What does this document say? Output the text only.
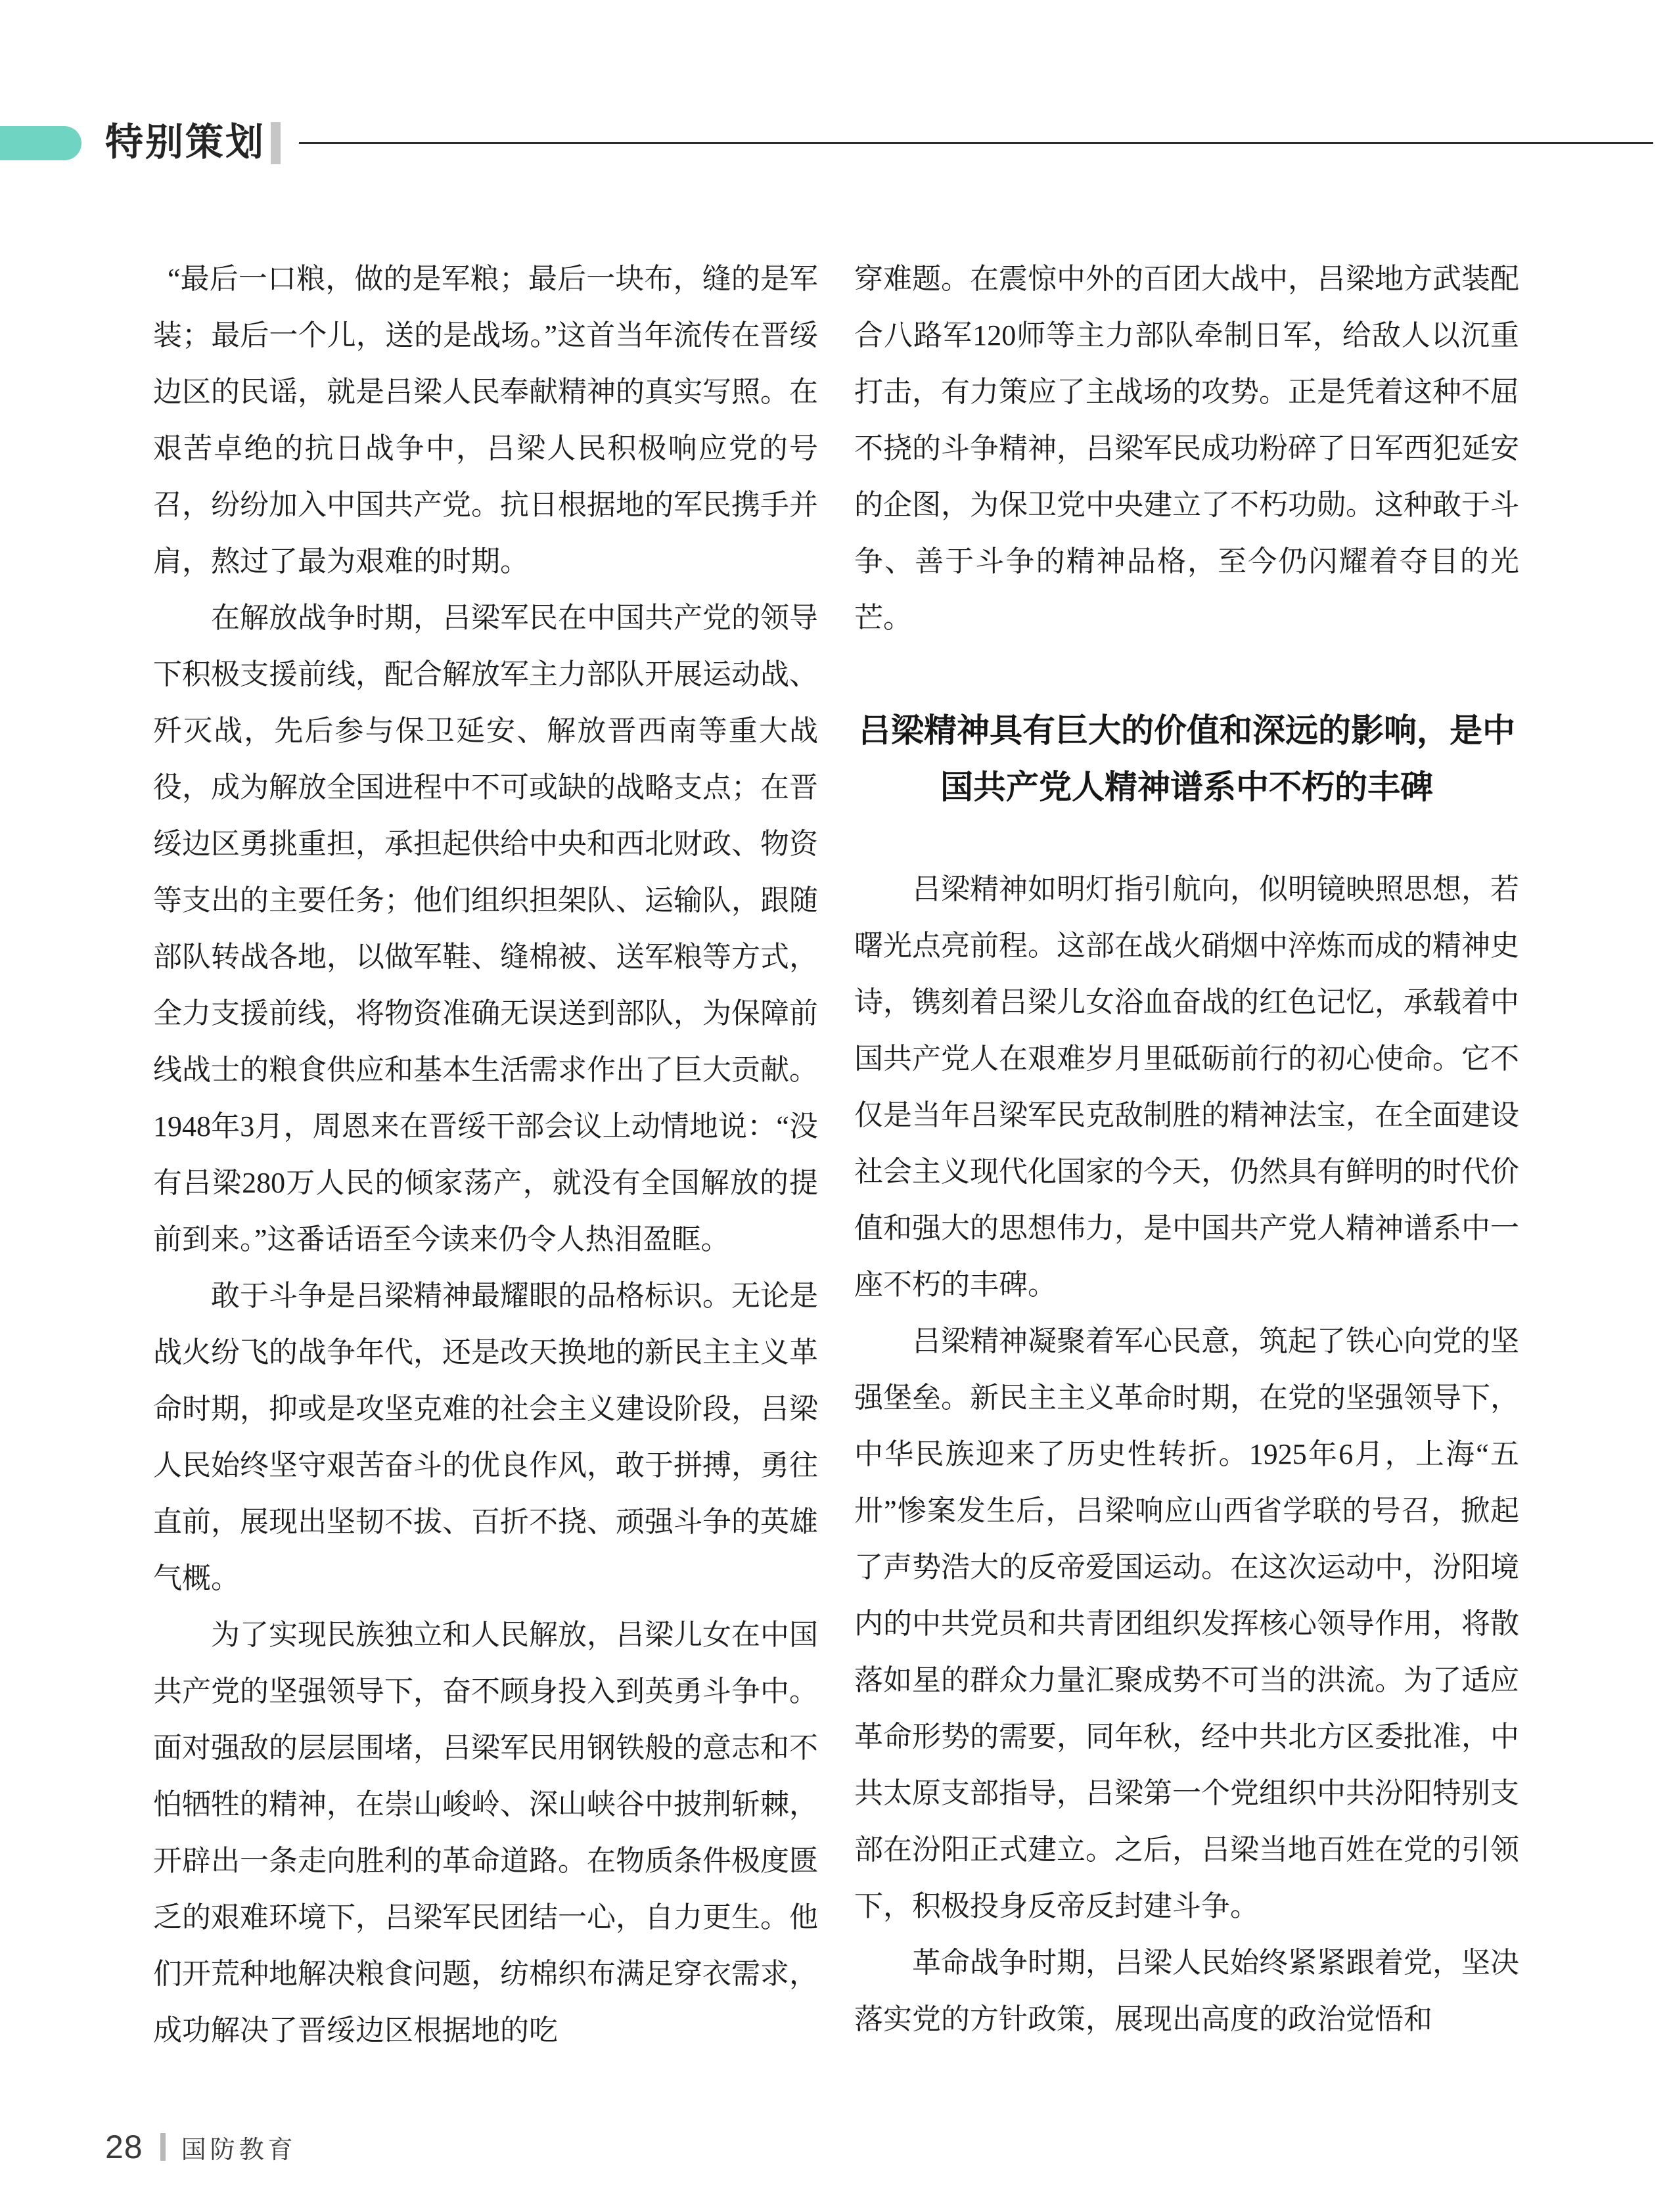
特别策划

“最后一口粮，做的是军粮；最后一块布，缝的是军装；最后一个儿，送的是战场。”这首当年流传在晋绥边区的民谣，就是吕梁人民奉献精神的真实写照。在艰苦卓绝的抗日战争中，吕梁人民积极响应党的号召，纷纷加入中国共产党。抗日根据地的军民携手并肩，熬过了最为艰难的时期。

在解放战争时期，吕梁军民在中国共产党的领导下积极支援前线，配合解放军主力部队开展运动战、歼灭战，先后参与保卫延安、解放晋西南等重大战役，成为解放全国进程中不可或缺的战略支点；在晋绥边区勇挑重担，承担起供给中央和西北财政、物资等支出的主要任务；他们组织担架队、运输队，跟随部队转战各地，以做军鞋、缝棉被、送军粮等方式，全力支援前线，将物资准确无误送到部队，为保障前线战士的粮食供应和基本生活需求作出了巨大贡献。1948年3月，周恩来在晋绥干部会议上动情地说：“没有吕梁280万人民的倾家荡产，就没有全国解放的提前到来。”这番话语至今读来仍令人热泪盈眶。

敢于斗争是吕梁精神最耀眼的品格标识。无论是战火纷飞的战争年代，还是改天换地的新民主主义革命时期，抑或是攻坚克难的社会主义建设阶段，吕梁人民始终坚守艰苦奋斗的优良作风，敢于拼搏，勇往直前，展现出坚韧不拔、百折不挠、顽强斗争的英雄气概。

为了实现民族独立和人民解放，吕梁儿女在中国共产党的坚强领导下，奋不顾身投入到英勇斗争中。面对强敌的层层围堵，吕梁军民用钢铁般的意志和不怕牺牲的精神，在崇山峻岭、深山峡谷中披荆斩棘，开辟出一条走向胜利的革命道路。在物质条件极度匮乏的艰难环境下，吕梁军民团结一心，自力更生。他们开荒种地解决粮食问题，纺棉织布满足穿衣需求，成功解决了晋绥边区根据地的吃

穿难题。在震惊中外的百团大战中，吕梁地方武装配合八路军120师等主力部队牵制日军，给敌人以沉重打击，有力策应了主战场的攻势。正是凭着这种不屈不挠的斗争精神，吕梁军民成功粉碎了日军西犯延安的企图，为保卫党中央建立了不朽功勋。这种敢于斗争、善于斗争的精神品格，至今仍闪耀着夺目的光芒。

吕梁精神具有巨大的价值和深远的影响，是中国共产党人精神谱系中不朽的丰碑

吕梁精神如明灯指引航向，似明镜映照思想，若曙光点亮前程。这部在战火硝烟中淬炼而成的精神史诗，镌刻着吕梁儿女浴血奋战的红色记忆，承载着中国共产党人在艰难岁月里砥砺前行的初心使命。它不仅是当年吕梁军民克敌制胜的精神法宝，在全面建设社会主义现代化国家的今天，仍然具有鲜明的时代价值和强大的思想伟力，是中国共产党人精神谱系中一座不朽的丰碑。

吕梁精神凝聚着军心民意，筑起了铁心向党的坚强堡垒。新民主主义革命时期，在党的坚强领导下，中华民族迎来了历史性转折。1925年6月，上海“五卅”惨案发生后，吕梁响应山西省学联的号召，掀起了声势浩大的反帝爱国运动。在这次运动中，汾阳境内的中共党员和共青团组织发挥核心领导作用，将散落如星的群众力量汇聚成势不可当的洪流。为了适应革命形势的需要，同年秋，经中共北方区委批准，中共太原支部指导，吕梁第一个党组织中共汾阳特别支部在汾阳正式建立。之后，吕梁当地百姓在党的引领下，积极投身反帝反封建斗争。

革命战争时期，吕梁人民始终紧紧跟着党，坚决落实党的方针政策，展现出高度的政治觉悟和

28 国防教育
